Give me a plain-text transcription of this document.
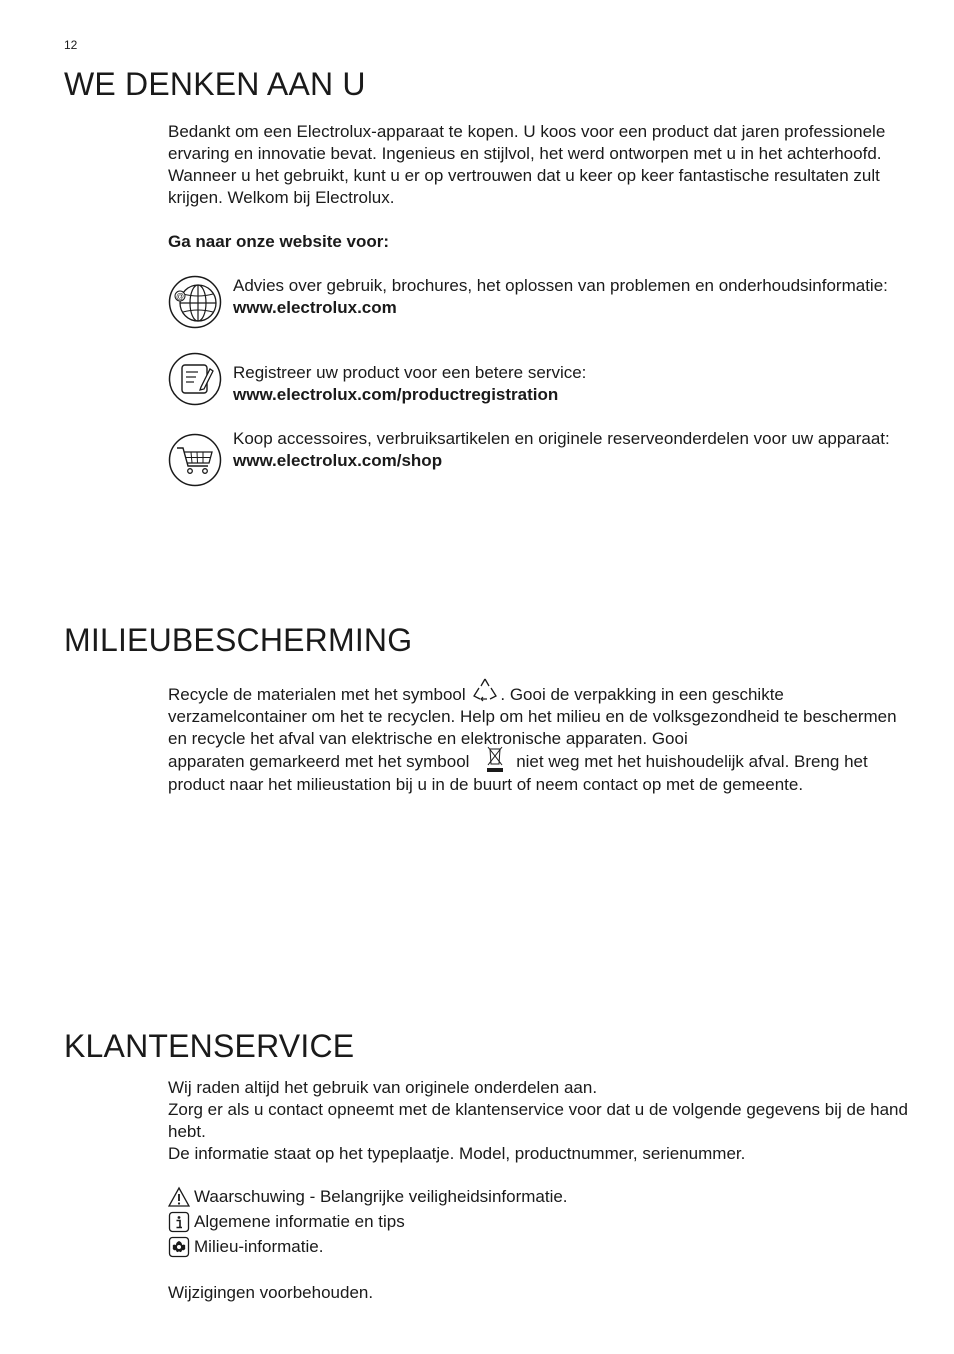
12
WE DENKEN AAN U

Bedankt om een Electrolux-apparaat te kopen. U koos voor een product dat jaren professionele ervaring en innovatie bevat. Ingenieus en stijlvol, het werd ontworpen met u in het achterhoofd. Wanneer u het gebruikt, kunt u er op vertrouwen dat u keer op keer fantastische resultaten zult krijgen. Welkom bij Electrolux.

Ga naar onze website voor:

@
Advies over gebruik, brochures, het oplossen van problemen en onderhoudsinformatie:
www.electrolux.com
Registreer uw product voor een betere service:
www.electrolux.com/productregistration
Koop accessoires, verbruiksartikelen en originele reserveonderdelen voor uw apparaat:
www.electrolux.com/shop
MILIEUBESCHERMING

Recycle de materialen met het symbool . Gooi de verpakking in een geschikte verzamelcontainer om het te recyclen. Help om het milieu en de volksgezondheid te beschermen en recycle het afval van elektrische en elektronische apparaten. Gooi

apparaten gemarkeerd met het symbool	niet weg met het huishoudelijk afval. Breng het product naar het milieustation bij u in de buurt of neem contact op met de gemeente.

KLANTENSERVICE
Wij raden altijd het gebruik van originele onderdelen aan.
Zorg er als u contact opneemt met de klantenservice voor dat u de volgende gegevens bij de hand hebt.
De informatie staat op het typeplaatje. Model, productnummer, serienummer.
Waarschuwing - Belangrijke veiligheidsinformatie.
Algemene informatie en tips
Milieu-informatie.
Wijzigingen voorbehouden.
